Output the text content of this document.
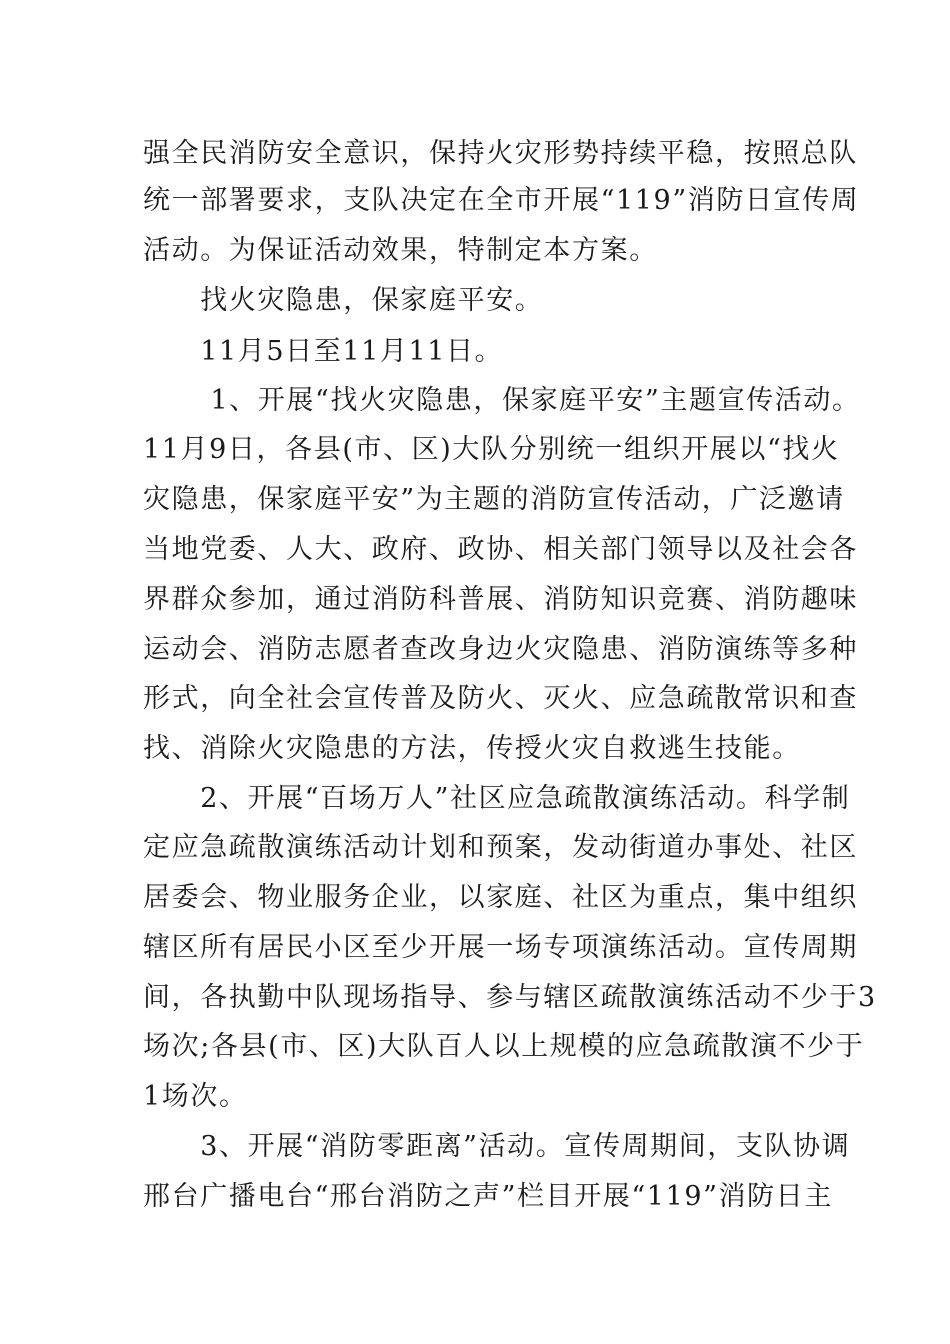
强全民消防安全意识，保持火灾形势持续平稳，按照总队

统一部署要求，支队决定在全市开展“119”消防日宣传周

活动。为保证活动效果，特制定本方案。

　　找火灾隐患，保家庭平安。

　　11月5日至11月11日。

　　 1、开展“找火灾隐患，保家庭平安”主题宣传活动。

11月9日，各县(市、区)大队分别统一组织开展以“找火

灾隐患，保家庭平安”为主题的消防宣传活动，广泛邀请

当地党委、人大、政府、政协、相关部门领导以及社会各

界群众参加，通过消防科普展、消防知识竞赛、消防趣味

运动会、消防志愿者查改身边火灾隐患、消防演练等多种

形式，向全社会宣传普及防火、灭火、应急疏散常识和查

找、消除火灾隐患的方法，传授火灾自救逃生技能。

　　2、开展“百场万人”社区应急疏散演练活动。科学制

定应急疏散演练活动计划和预案，发动街道办事处、社区

居委会、物业服务企业，以家庭、社区为重点，集中组织

辖区所有居民小区至少开展一场专项演练活动。宣传周期

间，各执勤中队现场指导、参与辖区疏散演练活动不少于3

场次;各县(市、区)大队百人以上规模的应急疏散演不少于

1场次。

　　3、开展“消防零距离”活动。宣传周期间，支队协调

邢台广播电台“邢台消防之声”栏目开展“119”消防日主
